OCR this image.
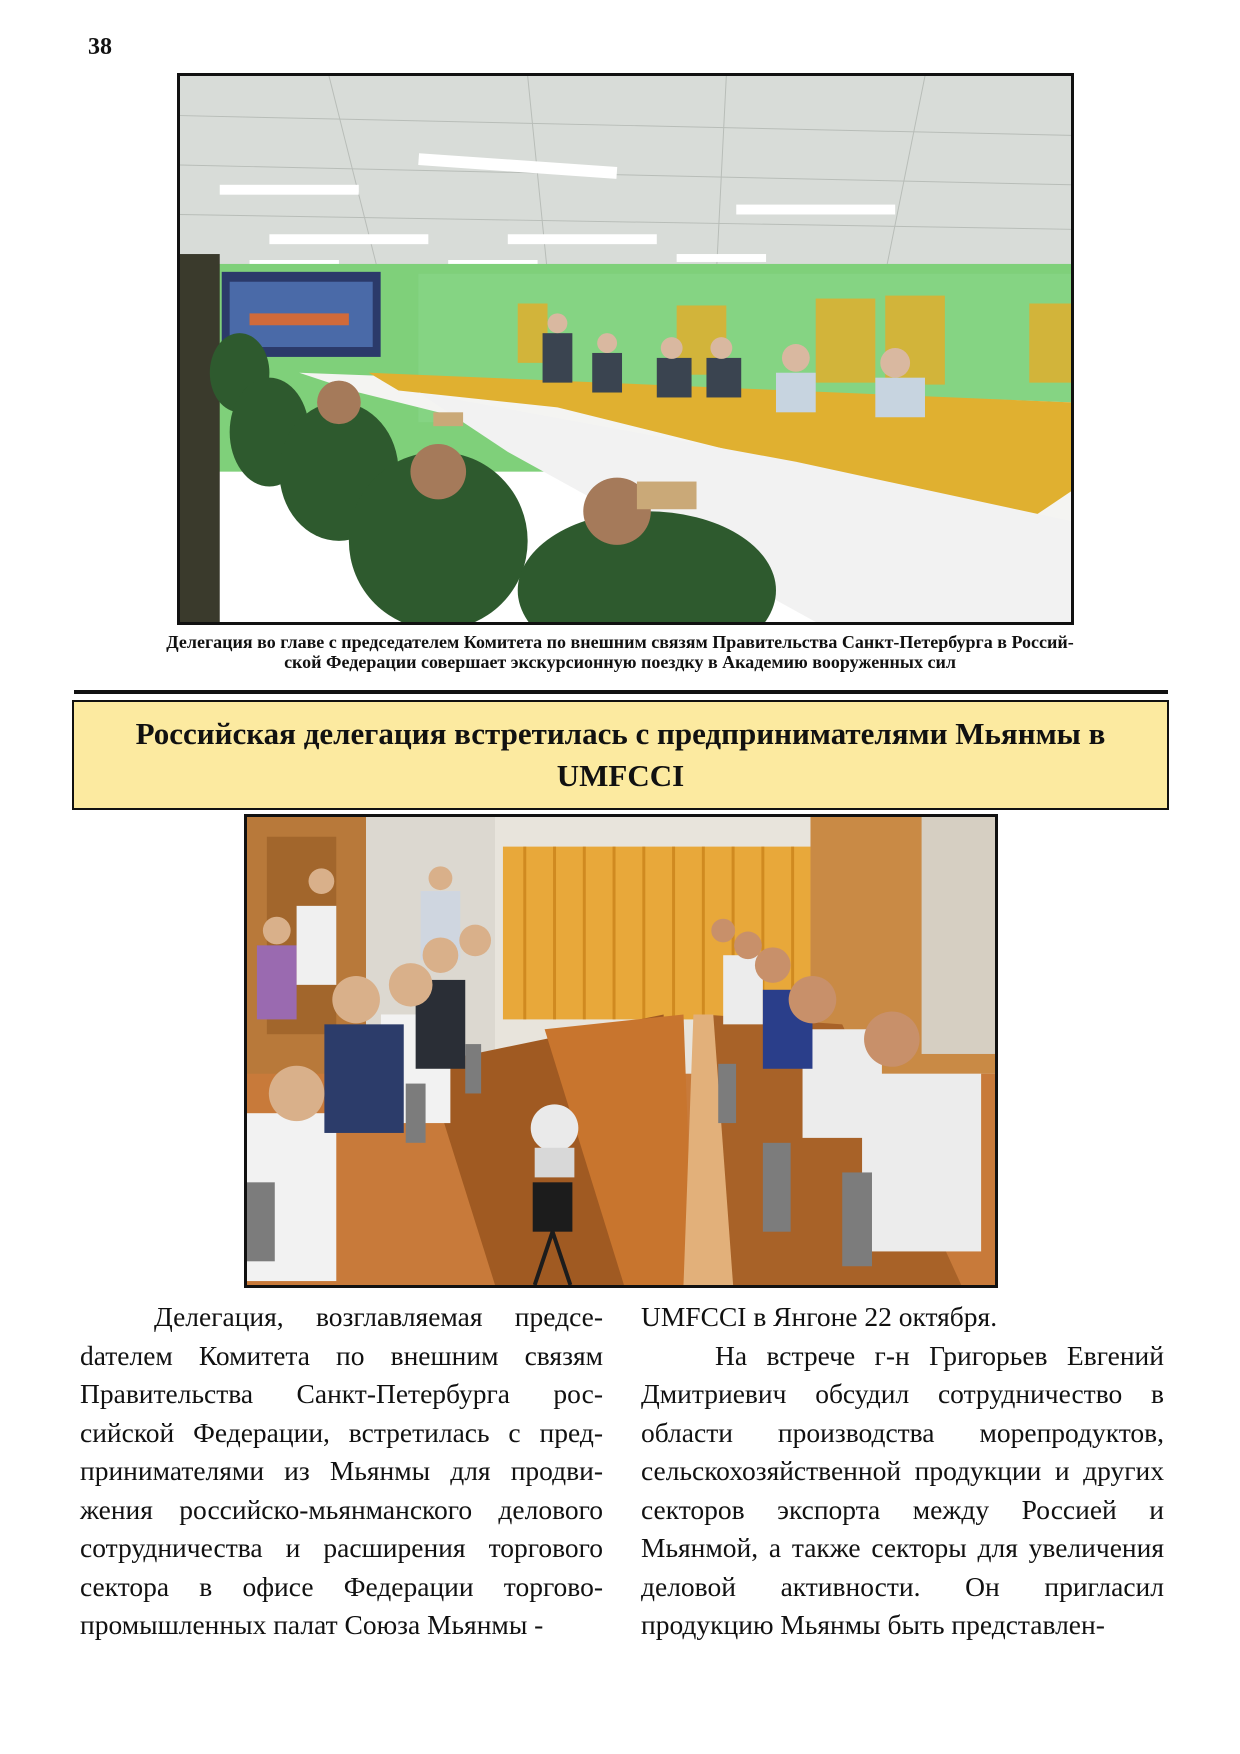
38
Делегация во главе с председателем Комитета по внешним связям Правительства Санкт-Петербурга в Россий-
ской Федерации совершает экскурсионную поездку в Академию вооруженных сил
Российская делегация встретилась с предпринимателями Мьянмы в
UMFCCI

Делегация, возглавляемая предсеdателем Комитета по внешним связям Правительства Санкт-Петербурга российской Федерации, встретилась с предпринимателями из Мьянмы для продвижения российско-мьянманского делового сотрудничества и расширения торгового сектора в офисе Федерации торгово-промышленных палат Союза Мьянмы -

UMFCCI в Янгоне 22 октября.

На встрече г-н Григорьев Евгений Дмитриевич обсудил сотрудничество в области производства морепродуктов, сельскохозяйственной продукции и других секторов экспорта между Россией и Мьянмой, а также секторы для увеличения деловой активности. Он пригласил продукцию Мьянмы быть представлен-
